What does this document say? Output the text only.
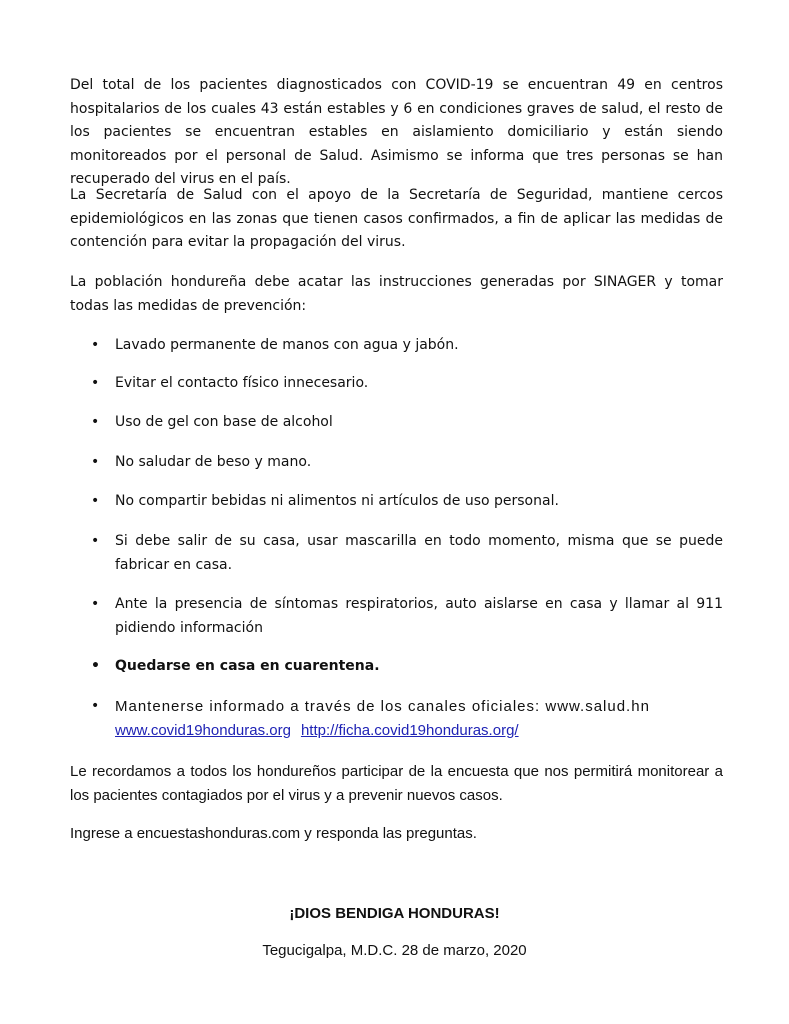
Del total de los pacientes diagnosticados con COVID-19 se encuentran 49 en centros hospitalarios de los cuales 43 están estables y 6 en condiciones graves de salud, el resto de los pacientes se encuentran estables en aislamiento domiciliario y están siendo monitoreados por el personal de Salud. Asimismo se informa que tres personas se han recuperado del virus en el país.

La Secretaría de Salud con el apoyo de la Secretaría de Seguridad, mantiene cercos epidemiológicos en las zonas que tienen casos confirmados, a fin de aplicar las medidas de contención para evitar la propagación del virus.

La población hondureña debe acatar las instrucciones generadas por SINAGER y tomar todas las medidas de prevención:

• Lavado permanente de manos con agua y jabón.
• Evitar el contacto físico innecesario.
• Uso de gel con base de alcohol
• No saludar de beso y mano.
• No compartir bebidas ni alimentos ni artículos de uso personal.
• Si debe salir de su casa, usar mascarilla en todo momento, misma que se puede fabricar en casa.
• Ante la presencia de síntomas respiratorios, auto aislarse en casa y llamar al 911 pidiendo información
• Quedarse en casa en cuarentena.
• Mantenerse informado a través de los canales oficiales: www.salud.hn
www.covid19honduras.org http://ficha.covid19honduras.org/

Le recordamos a todos los hondureños participar de la encuesta que nos permitirá monitorear a los pacientes contagiados por el virus y a prevenir nuevos casos.

Ingrese a encuestashonduras.com y responda las preguntas.

¡DIOS BENDIGA HONDURAS!
Tegucigalpa, M.D.C. 28 de marzo, 2020
